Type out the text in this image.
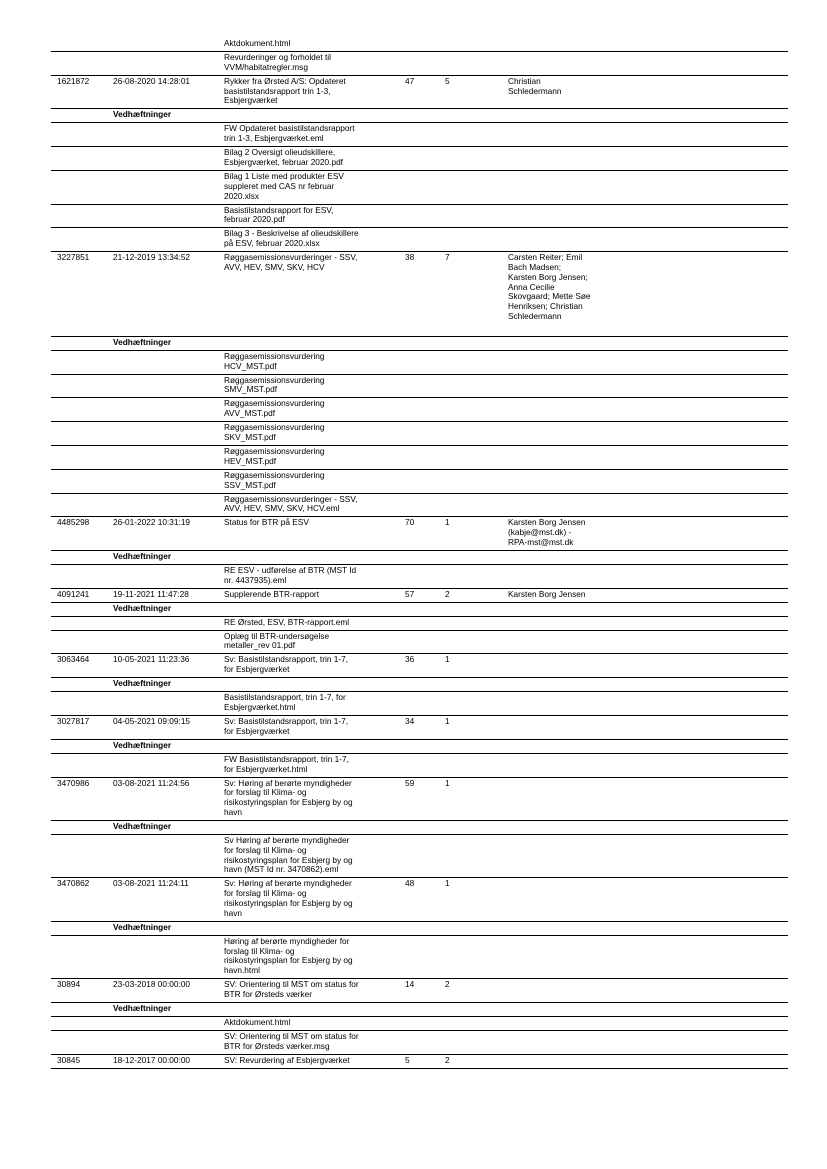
Aktdokument.html
Revurderinger og forholdet til
VVM/habitatregler.msg
1621872	26-08-2020 14:28:01	Rykker fra Ørsted A/S: Opdateret
basistilstandsrapport trin 1-3,
Esbjergværket
47	5	Christian
Schledermann
Vedhæftninger
FW Opdateret basistilstandsrapport
trin 1-3, Esbjergværket.eml
Bilag 2 Oversigt olieudskillere,
Esbjergværket, februar 2020.pdf
Bilag 1 Liste med produkter ESV
suppleret med CAS nr februar
2020.xlsx
Basistilstandsrapport for ESV,
februar 2020.pdf
Bilag 3 - Beskrivelse af olieudskillere
på ESV, februar 2020.xlsx
3227851	21-12-2019 13:34:52	Røggasemissionsvurderinger - SSV,
AVV, HEV, SMV, SKV, HCV
38	7	Carsten Reiter; Emil
Bach Madsen;
Karsten Borg Jensen;
Anna Cecilie
Skovgaard; Mette Søe
Henriksen; Christian
Schledermann
Vedhæftninger
Røggasemissionsvurdering
HCV_MST.pdf
Røggasemissionsvurdering
SMV_MST.pdf
Røggasemissionsvurdering
AVV_MST.pdf
Røggasemissionsvurdering
SKV_MST.pdf
Røggasemissionsvurdering
HEV_MST.pdf
Røggasemissionsvurdering
SSV_MST.pdf
Røggasemissionsvurderinger - SSV,
AVV, HEV, SMV, SKV, HCV.eml
4485298	26-01-2022 10:31:19	Status for BTR på ESV	70	1	Karsten Borg Jensen
(kabje@mst.dk) -
RPA-mst@mst.dk
Vedhæftninger
RE ESV - udførelse af BTR (MST Id
nr. 4437935).eml
4091241	19-11-2021 11:47:28	Supplerende BTR-rapport	57	2	Karsten Borg Jensen
Vedhæftninger
RE Ørsted, ESV, BTR-rapport.eml
Oplæg til BTR-undersøgelse
metaller_rev 01.pdf
3063464	10-05-2021 11:23:36	Sv: Basistilstandsrapport, trin 1-7,
for Esbjergværket
36	1
Vedhæftninger
Basistilstandsrapport, trin 1-7, for
Esbjergværket.html
3027817	04-05-2021 09:09:15	Sv: Basistilstandsrapport, trin 1-7,
for Esbjergværket
34	1
Vedhæftninger
FW Basistilstandsrapport, trin 1-7,
for Esbjergværket.html
3470986	03-08-2021 11:24:56	Sv: Høring af berørte myndigheder
for forslag til Klima- og
risikostyringsplan for Esbjerg by og
havn
59	1
Vedhæftninger
Sv Høring af berørte myndigheder
for forslag til Klima- og
risikostyringsplan for Esbjerg by og
havn (MST Id nr. 3470862).eml
3470862	03-08-2021 11:24:11	Sv: Høring af berørte myndigheder
for forslag til Klima- og
risikostyringsplan for Esbjerg by og
havn
48	1
Vedhæftninger
Høring af berørte myndigheder for
forslag til Klima- og
risikostyringsplan for Esbjerg by og
havn.html
30894	23-03-2018 00:00:00	SV: Orientering til MST om status for
BTR for Ørsteds værker
14	2
Vedhæftninger
Aktdokument.html
SV: Orientering til MST om status for
BTR for Ørsteds værker.msg
30845	18-12-2017 00:00:00	SV: Revurdering af Esbjergværket	5	2
